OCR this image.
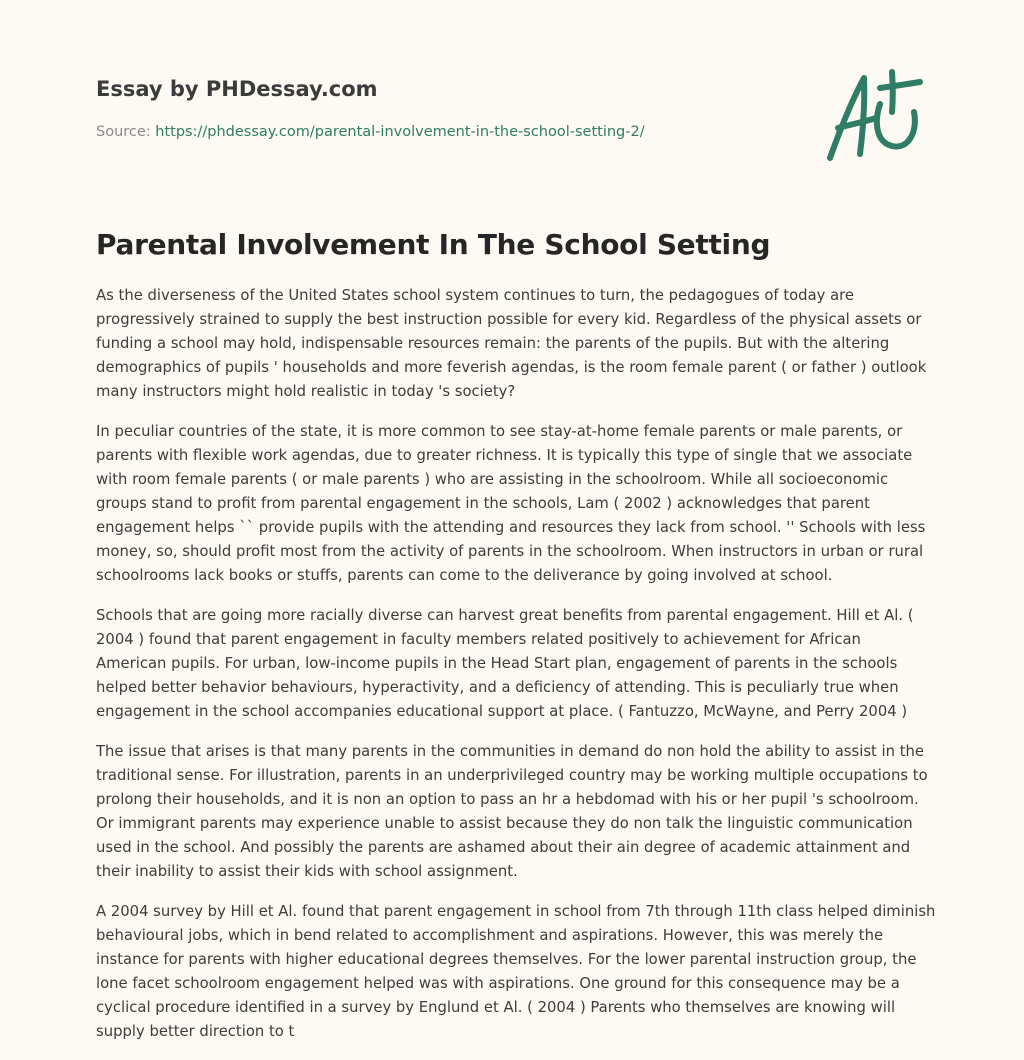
Essay by PHDessay.com
Source: https://phdessay.com/parental-involvement-in-the-school-setting-2/
Parental Involvement In The School Setting

As the diverseness of the United States school system continues to turn, the pedagogues of today are progressively strained to supply the best instruction possible for every kid. Regardless of the physical assets or funding a school may hold, indispensable resources remain: the parents of the pupils. But with the altering demographics of pupils ' households and more feverish agendas, is the room female parent ( or father ) outlook many instructors might hold realistic in today 's society?

In peculiar countries of the state, it is more common to see stay-at-home female parents or male parents, or parents with flexible work agendas, due to greater richness. It is typically this type of single that we associate with room female parents ( or male parents ) who are assisting in the schoolroom. While all socioeconomic groups stand to profit from parental engagement in the schools, Lam ( 2002 ) acknowledges that parent engagement helps `` provide pupils with the attending and resources they lack from school. '' Schools with less money, so, should profit most from the activity of parents in the schoolroom. When instructors in urban or rural schoolrooms lack books or stuffs, parents can come to the deliverance by going involved at school.

Schools that are going more racially diverse can harvest great benefits from parental engagement. Hill et Al. ( 2004 ) found that parent engagement in faculty members related positively to achievement for African American pupils. For urban, low-income pupils in the Head Start plan, engagement of parents in the schools helped better behavior behaviours, hyperactivity, and a deficiency of attending. This is peculiarly true when engagement in the school accompanies educational support at place. ( Fantuzzo, McWayne, and Perry 2004 )

The issue that arises is that many parents in the communities in demand do non hold the ability to assist in the traditional sense. For illustration, parents in an underprivileged country may be working multiple occupations to prolong their households, and it is non an option to pass an hr a hebdomad with his or her pupil 's schoolroom. Or immigrant parents may experience unable to assist because they do non talk the linguistic communication used in the school. And possibly the parents are ashamed about their ain degree of academic attainment and their inability to assist their kids with school assignment.

A 2004 survey by Hill et Al. found that parent engagement in school from 7th through 11th class helped diminish behavioural jobs, which in bend related to accomplishment and aspirations. However, this was merely the instance for parents with higher educational degrees themselves. For the lower parental instruction group, the lone facet schoolroom engagement helped was with aspirations. One ground for this consequence may be a cyclical procedure identified in a survey by Englund et Al. ( 2004 ) Parents who themselves are knowing will supply better direction to t
